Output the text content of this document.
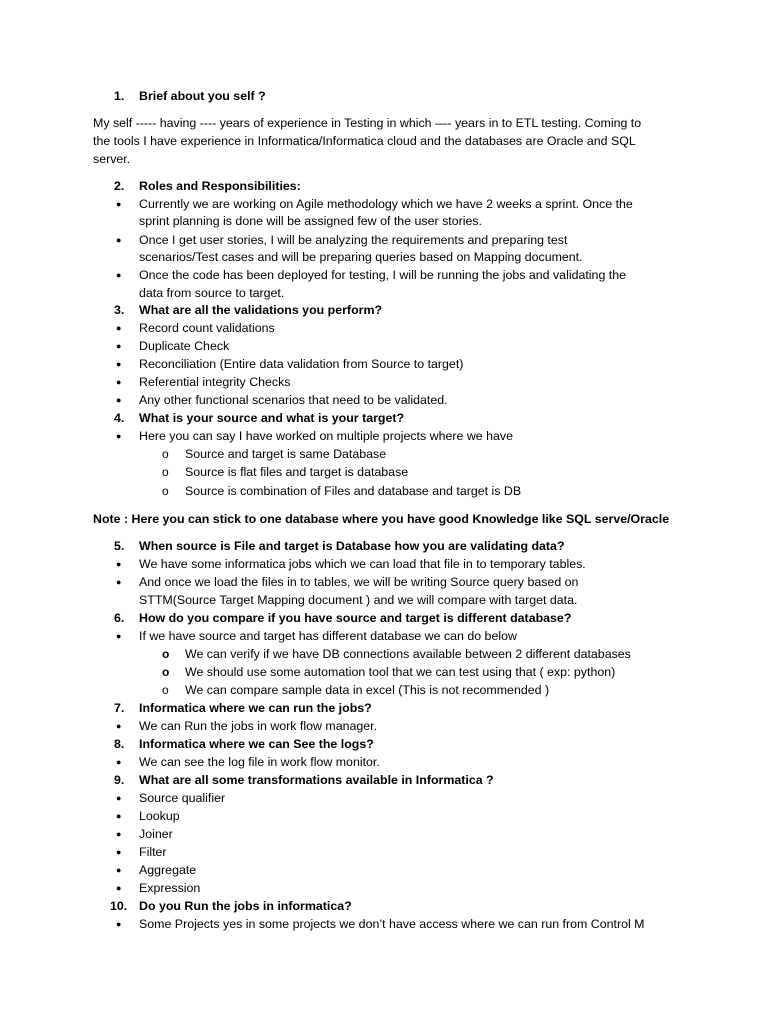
1. Brief about you self ?
My self ----- having ---- years of experience in Testing in which —- years in to ETL testing. Coming to
the tools I have experience in Informatica/Informatica cloud and the databases are Oracle and SQL
server.
2. Roles and Responsibilities:
● Currently we are working on Agile methodology which we have 2 weeks a sprint. Once the
sprint planning is done will be assigned few of the user stories.
● Once I get user stories, I will be analyzing the requirements and preparing test
scenarios/Test cases and will be preparing queries based on Mapping document.
● Once the code has been deployed for testing, I will be running the jobs and validating the
data from source to target.
3. What are all the validations you perform?
● Record count validations
● Duplicate Check
● Reconciliation (Entire data validation from Source to target)
● Referential integrity Checks
● Any other functional scenarios that need to be validated.
4. What is your source and what is your target?
● Here you can say I have worked on multiple projects where we have
o Source and target is same Database
o Source is flat files and target is database
o Source is combination of Files and database and target is DB
Note : Here you can stick to one database where you have good Knowledge like SQL serve/Oracle
5. When source is File and target is Database how you are validating data?
● We have some informatica jobs which we can load that file in to temporary tables.
● And once we load the files in to tables, we will be writing Source query based on
STTM(Source Target Mapping document ) and we will compare with target data.
6. How do you compare if you have source and target is different database?
● If we have source and target has different database we can do below
o We can verify if we have DB connections available between 2 different databases
o We should use some automation tool that we can test using that ( exp: python)
o We can compare sample data in excel (This is not recommended )
7. Informatica where we can run the jobs?
● We can Run the jobs in work flow manager.
8. Informatica where we can See the logs?
● We can see the log file in work flow monitor.
9. What are all some transformations available in Informatica ?
● Source qualifier
● Lookup
● Joiner
● Filter
● Aggregate
● Expression
10. Do you Run the jobs in informatica?
● Some Projects yes in some projects we don’t have access where we can run from Control M
